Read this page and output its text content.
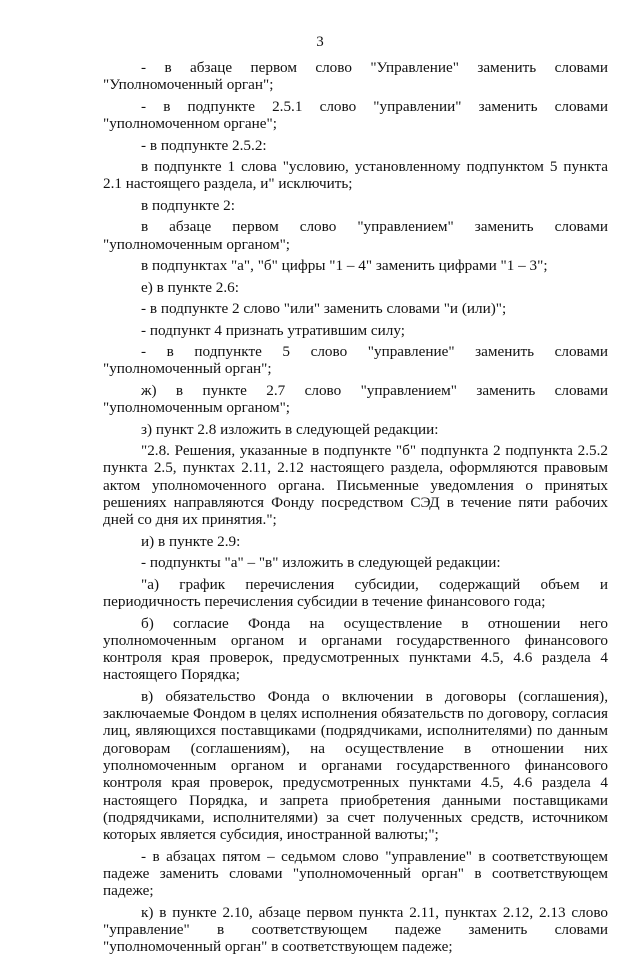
3

- в абзаце первом слово "Управление" заменить словами "Уполномоченный орган";

- в подпункте 2.5.1 слово "управлении" заменить словами "уполномоченном органе";

- в подпункте 2.5.2:

в подпункте 1 слова "условию, установленному подпунктом 5 пункта 2.1 настоящего раздела, и" исключить;

в подпункте 2:

в абзаце первом слово "управлением" заменить словами "уполномоченным органом";

в подпунктах "а", "б" цифры "1 – 4" заменить цифрами "1 – 3";

е) в пункте 2.6:

- в подпункте 2 слово "или" заменить словами "и (или)";

- подпункт 4 признать утратившим силу;

- в подпункте 5 слово "управление" заменить словами "уполномоченный орган";

ж) в пункте 2.7 слово "управлением" заменить словами "уполномоченным органом";

з) пункт 2.8 изложить в следующей редакции:

"2.8. Решения, указанные в подпункте "б" подпункта 2 подпункта 2.5.2 пункта 2.5, пунктах 2.11, 2.12 настоящего раздела, оформляются правовым актом уполномоченного органа. Письменные уведомления о принятых решениях направляются Фонду посредством СЭД в течение пяти рабочих дней со дня их принятия.";

и) в пункте 2.9:

- подпункты "а" – "в" изложить в следующей редакции:

"а) график перечисления субсидии, содержащий объем и периодичность перечисления субсидии в течение финансового года;

б) согласие Фонда на осуществление в отношении него уполномоченным органом и органами государственного финансового контроля края проверок, предусмотренных пунктами 4.5, 4.6 раздела 4 настоящего Порядка;

в) обязательство Фонда о включении в договоры (соглашения), заключаемые Фондом в целях исполнения обязательств по договору, согласия лиц, являющихся поставщиками (подрядчиками, исполнителями) по данным договорам (соглашениям), на осуществление в отношении них уполномоченным органом и органами государственного финансового контроля края проверок, предусмотренных пунктами 4.5, 4.6 раздела 4 настоящего Порядка, и запрета приобретения данными поставщиками (подрядчиками, исполнителями) за счет полученных средств, источником которых является субсидия, иностранной валюты;";

- в абзацах пятом – седьмом слово "управление" в соответствующем падеже заменить словами "уполномоченный орган" в соответствующем падеже;

к) в пункте 2.10, абзаце первом пункта 2.11, пунктах 2.12, 2.13 слово "управление" в соответствующем падеже заменить словами "уполномоченный орган" в соответствующем падеже;
